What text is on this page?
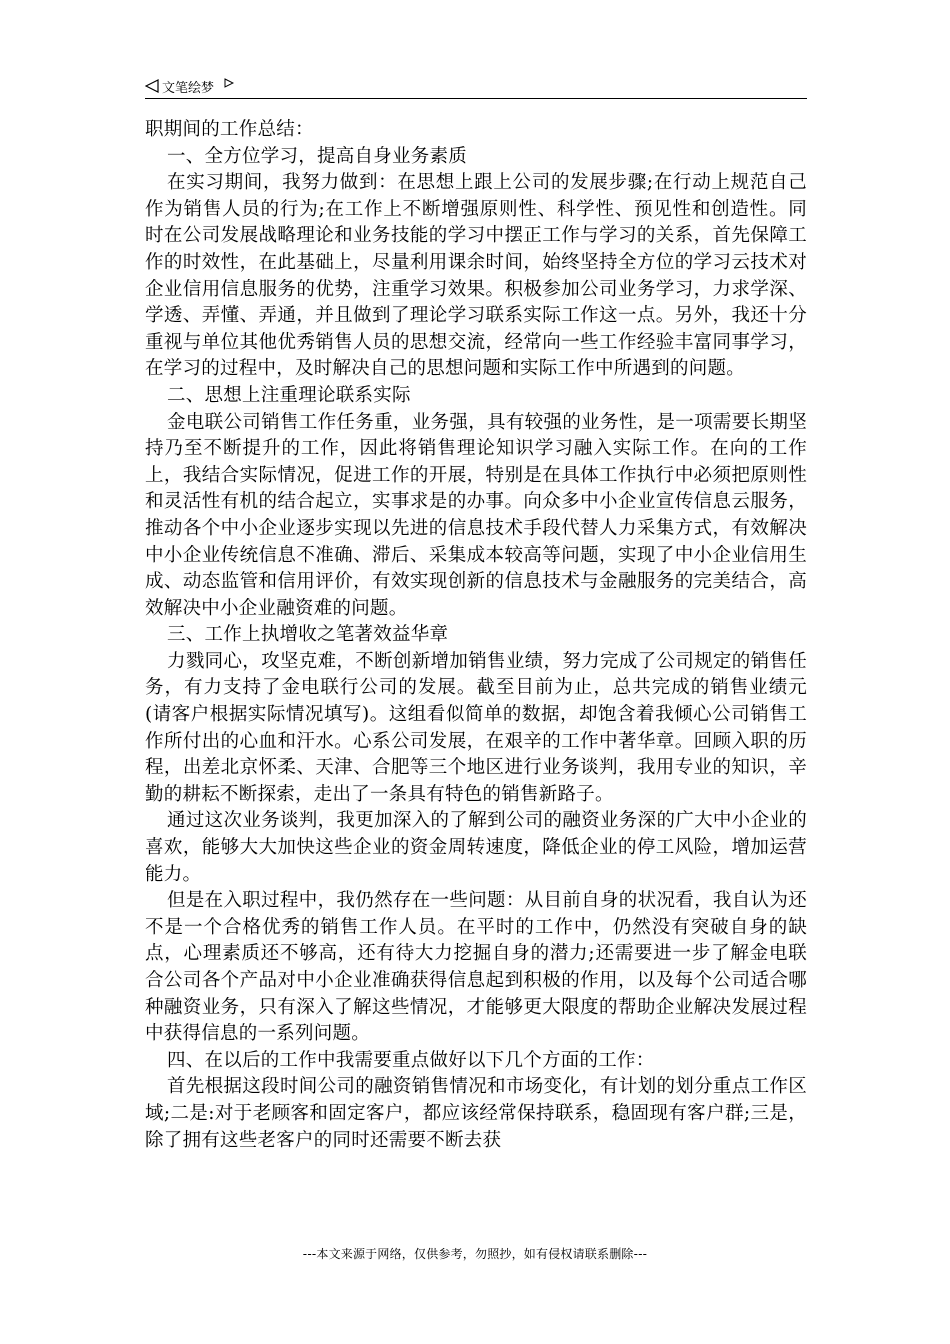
文笔绘梦

职期间的工作总结：

一、全方位学习，提高自身业务素质

在实习期间，我努力做到：在思想上跟上公司的发展步骤;在行动上规范自己作为销售人员的行为;在工作上不断增强原则性、科学性、预见性和创造性。同时在公司发展战略理论和业务技能的学习中摆正工作与学习的关系，首先保障工作的时效性，在此基础上，尽量利用课余时间，始终坚持全方位的学习云技术对企业信用信息服务的优势，注重学习效果。积极参加公司业务学习，力求学深、学透、弄懂、弄通，并且做到了理论学习联系实际工作这一点。另外，我还十分重视与单位其他优秀销售人员的思想交流，经常向一些工作经验丰富同事学习，在学习的过程中，及时解决自己的思想问题和实际工作中所遇到的问题。

二、思想上注重理论联系实际

金电联公司销售工作任务重，业务强，具有较强的业务性，是一项需要长期坚持乃至不断提升的工作，因此将销售理论知识学习融入实际工作。在向的工作上，我结合实际情况，促进工作的开展，特别是在具体工作执行中必须把原则性和灵活性有机的结合起立，实事求是的办事。向众多中小企业宣传信息云服务，推动各个中小企业逐步实现以先进的信息技术手段代替人力采集方式，有效解决中小企业传统信息不准确、滞后、采集成本较高等问题，实现了中小企业信用生成、动态监管和信用评价，有效实现创新的信息技术与金融服务的完美结合，高效解决中小企业融资难的问题。

三、工作上执增收之笔著效益华章

力戮同心，攻坚克难，不断创新增加销售业绩，努力完成了公司规定的销售任务，有力支持了金电联行公司的发展。截至目前为止，总共完成的销售业绩元(请客户根据实际情况填写)。这组看似简单的数据，却饱含着我倾心公司销售工作所付出的心血和汗水。心系公司发展，在艰辛的工作中著华章。回顾入职的历程，出差北京怀柔、天津、合肥等三个地区进行业务谈判，我用专业的知识，辛勤的耕耘不断探索，走出了一条具有特色的销售新路子。

通过这次业务谈判，我更加深入的了解到公司的融资业务深的广大中小企业的喜欢，能够大大加快这些企业的资金周转速度，降低企业的停工风险，增加运营能力。

但是在入职过程中，我仍然存在一些问题：从目前自身的状况看，我自认为还不是一个合格优秀的销售工作人员。在平时的工作中，仍然没有突破自身的缺点，心理素质还不够高，还有待大力挖掘自身的潜力;还需要进一步了解金电联合公司各个产品对中小企业准确获得信息起到积极的作用，以及每个公司适合哪种融资业务，只有深入了解这些情况，才能够更大限度的帮助企业解决发展过程中获得信息的一系列问题。

四、在以后的工作中我需要重点做好以下几个方面的工作：

首先根据这段时间公司的融资销售情况和市场变化，有计划的划分重点工作区域;二是:对于老顾客和固定客户，都应该经常保持联系，稳固现有客户群;三是，除了拥有这些老客户的同时还需要不断去获

---本文来源于网络，仅供参考，勿照抄，如有侵权请联系删除---
